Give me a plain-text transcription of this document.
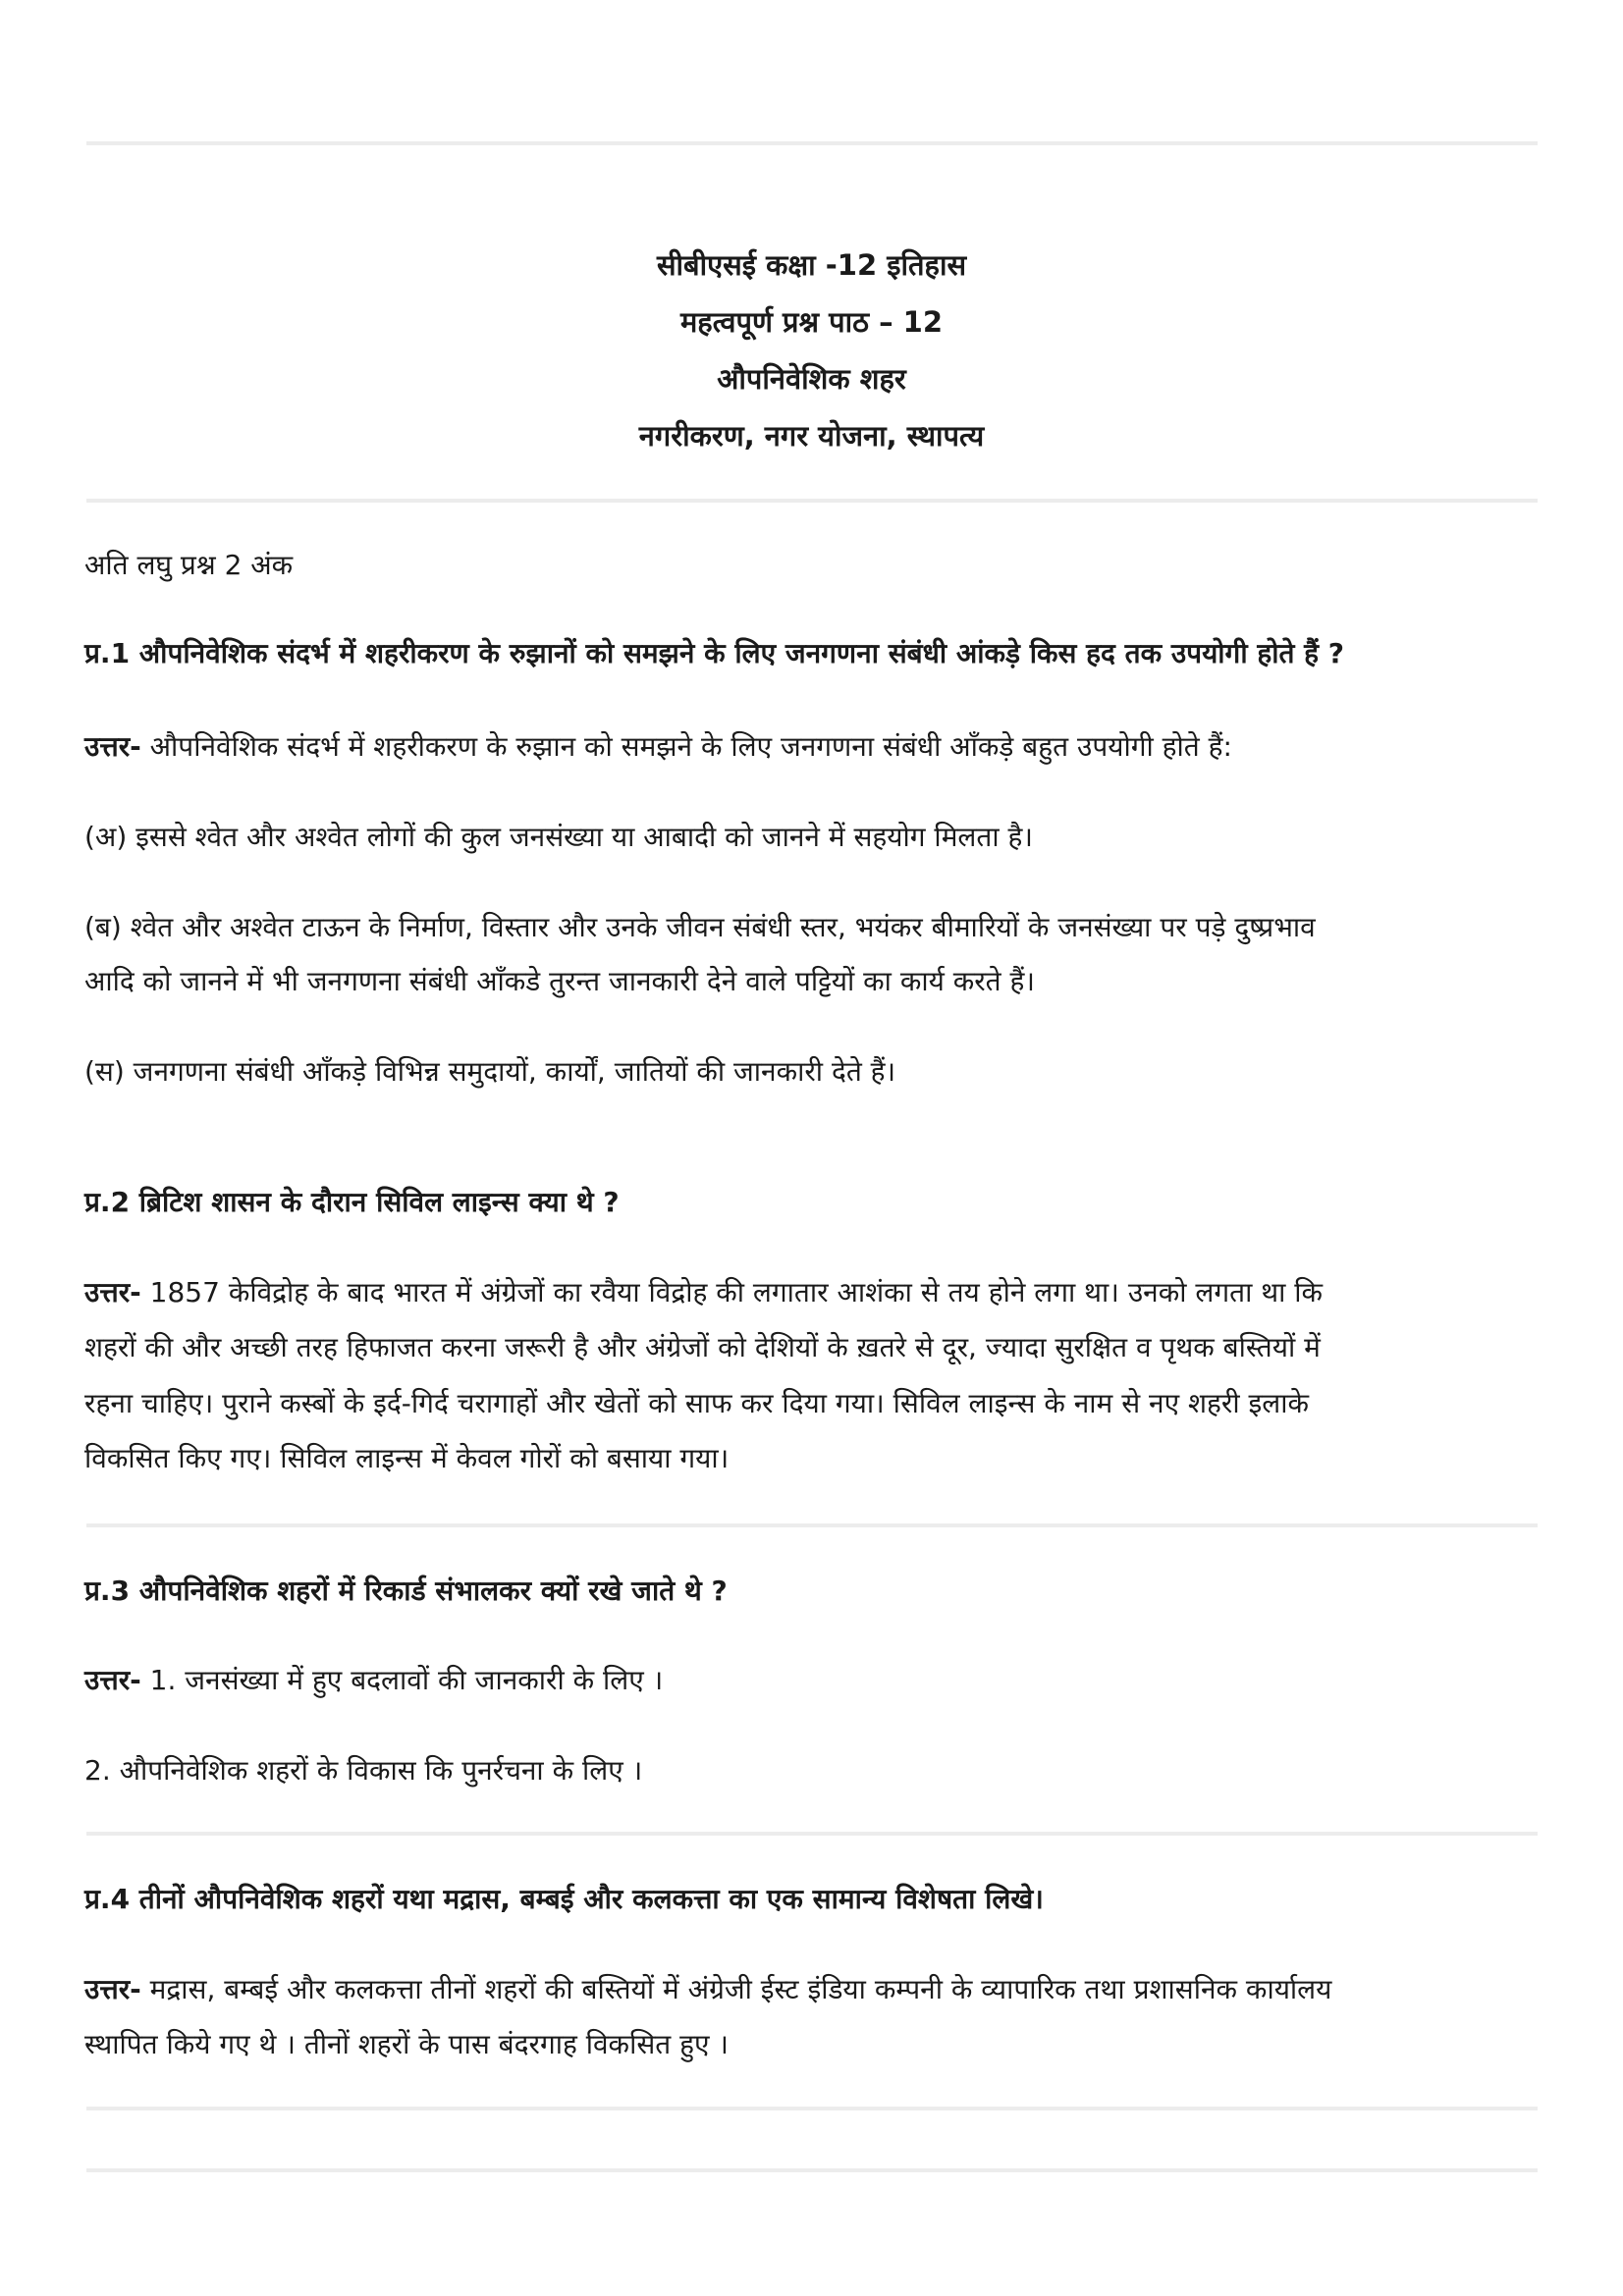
सीबीएसई कक्षा -12 इतिहास
महत्वपूर्ण प्रश्न पाठ – 12
औपनिवेशिक शहर
नगरीकरण, नगर योजना, स्थापत्य
अति लघु प्रश्न 2 अंक
प्र.1 औपनिवेशिक संदर्भ में शहरीकरण के रुझानों को समझने के लिए जनगणना संबंधी आंकड़े किस हद तक उपयोगी होते हैं ?
उत्तर- औपनिवेशिक संदर्भ में शहरीकरण के रुझान को समझने के लिए जनगणना संबंधी आँकड़े बहुत उपयोगी होते हैं:
(अ) इससे श्वेत और अश्वेत लोगों की कुल जनसंख्या या आबादी को जानने में सहयोग मिलता है।
(ब) श्वेत और अश्वेत टाऊन के निर्माण, विस्तार और उनके जीवन संबंधी स्तर, भयंकर बीमारियों के जनसंख्या पर पड़े दुष्प्रभाव
आदि को जानने में भी जनगणना संबंधी आँकडे तुरन्त जानकारी देने वाले पट्टियों का कार्य करते हैं।
(स) जनगणना संबंधी आँकड़े विभिन्न समुदायों, कार्यों, जातियों की जानकारी देते हैं।
प्र.2 ब्रिटिश शासन के दौरान सिविल लाइन्स क्या थे ?
उत्तर- 1857 केविद्रोह के बाद भारत में अंग्रेजों का रवैया विद्रोह की लगातार आशंका से तय होने लगा था। उनको लगता था कि
शहरों की और अच्छी तरह हिफाजत करना जरूरी है और अंग्रेजों को देशियों के ख़तरे से दूर, ज्यादा सुरक्षित व पृथक बस्तियों में
रहना चाहिए। पुराने कस्बों के इर्द-गिर्द चरागाहों और खेतों को साफ कर दिया गया। सिविल लाइन्स के नाम से नए शहरी इलाके
विकसित किए गए। सिविल लाइन्स में केवल गोरों को बसाया गया।
प्र.3 औपनिवेशिक शहरों में रिकार्ड संभालकर क्यों रखे जाते थे ?
उत्तर- 1. जनसंख्या में हुए बदलावों की जानकारी के लिए ।
2. औपनिवेशिक शहरों के विकास कि पुनर्रचना के लिए ।
प्र.4 तीनों औपनिवेशिक शहरों यथा मद्रास, बम्बई और कलकत्ता का एक सामान्य विशेषता लिखे।
उत्तर- मद्रास, बम्बई और कलकत्ता तीनों शहरों की बस्तियों में अंग्रेजी ईस्ट इंडिया कम्पनी के व्यापारिक तथा प्रशासनिक कार्यालय
स्थापित किये गए थे । तीनों शहरों के पास बंदरगाह विकसित हुए ।
